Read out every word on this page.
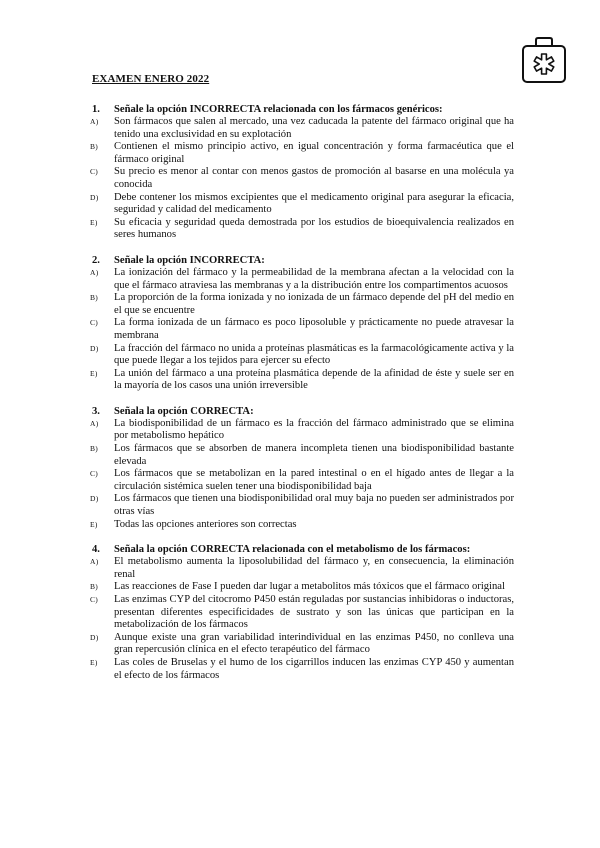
EXAMEN ENERO 2022
1.	Señale la opción INCORRECTA relacionada con los fármacos genéricos:
A) Son fármacos que salen al mercado, una vez caducada la patente del fármaco original que ha tenido una exclusividad en su explotación
B) Contienen el mismo principio activo, en igual concentración y forma farmacéutica que el fármaco original
C) Su precio es menor al contar con menos gastos de promoción al basarse en una molécula ya conocida
D) Debe contener los mismos excipientes que el medicamento original para asegurar la eficacia, seguridad y calidad del medicamento
E) Su eficacia y seguridad queda demostrada por los estudios de bioequivalencia realizados en seres humanos
2.	Señale la opción INCORRECTA:
A) La ionización del fármaco y la permeabilidad de la membrana afectan a la velocidad con la que el fármaco atraviesa las membranas y a la distribución entre los compartimentos acuosos
B) La proporción de la forma ionizada y no ionizada de un fármaco depende del pH del medio en el que se encuentre
C) La forma ionizada de un fármaco es poco liposoluble y prácticamente no puede atravesar la membrana
D) La fracción del fármaco no unida a proteínas plasmáticas es la farmacológicamente activa y la que puede llegar a los tejidos para ejercer su efecto
E) La unión del fármaco a una proteína plasmática depende de la afinidad de éste y suele ser en la mayoría de los casos una unión irreversible
3.	Señala la opción CORRECTA:
A) La biodisponibilidad de un fármaco es la fracción del fármaco administrado que se elimina por metabolismo hepático
B) Los fármacos que se absorben de manera incompleta tienen una biodisponibilidad bastante elevada
C) Los fármacos que se metabolizan en la pared intestinal o en el hígado antes de llegar a la circulación sistémica suelen tener una biodisponibilidad baja
D) Los fármacos que tienen una biodisponibilidad oral muy baja no pueden ser administrados por otras vías
E) Todas las opciones anteriores son correctas
4.	Señala la opción CORRECTA relacionada con el metabolismo de los fármacos:
A) El metabolismo aumenta la liposolubilidad del fármaco y, en consecuencia, la eliminación renal
B) Las reacciones de Fase I pueden dar lugar a metabolitos más tóxicos que el fármaco original
C) Las enzimas CYP del citocromo P450 están reguladas por sustancias inhibidoras o inductoras, presentan diferentes especificidades de sustrato y son las únicas que participan en la metabolización de los fármacos
D) Aunque existe una gran variabilidad interindividual en las enzimas P450, no conlleva una gran repercusión clínica en el efecto terapéutico del fármaco
E) Las coles de Bruselas y el humo de los cigarrillos inducen las enzimas CYP 450 y aumentan el efecto de los fármacos
